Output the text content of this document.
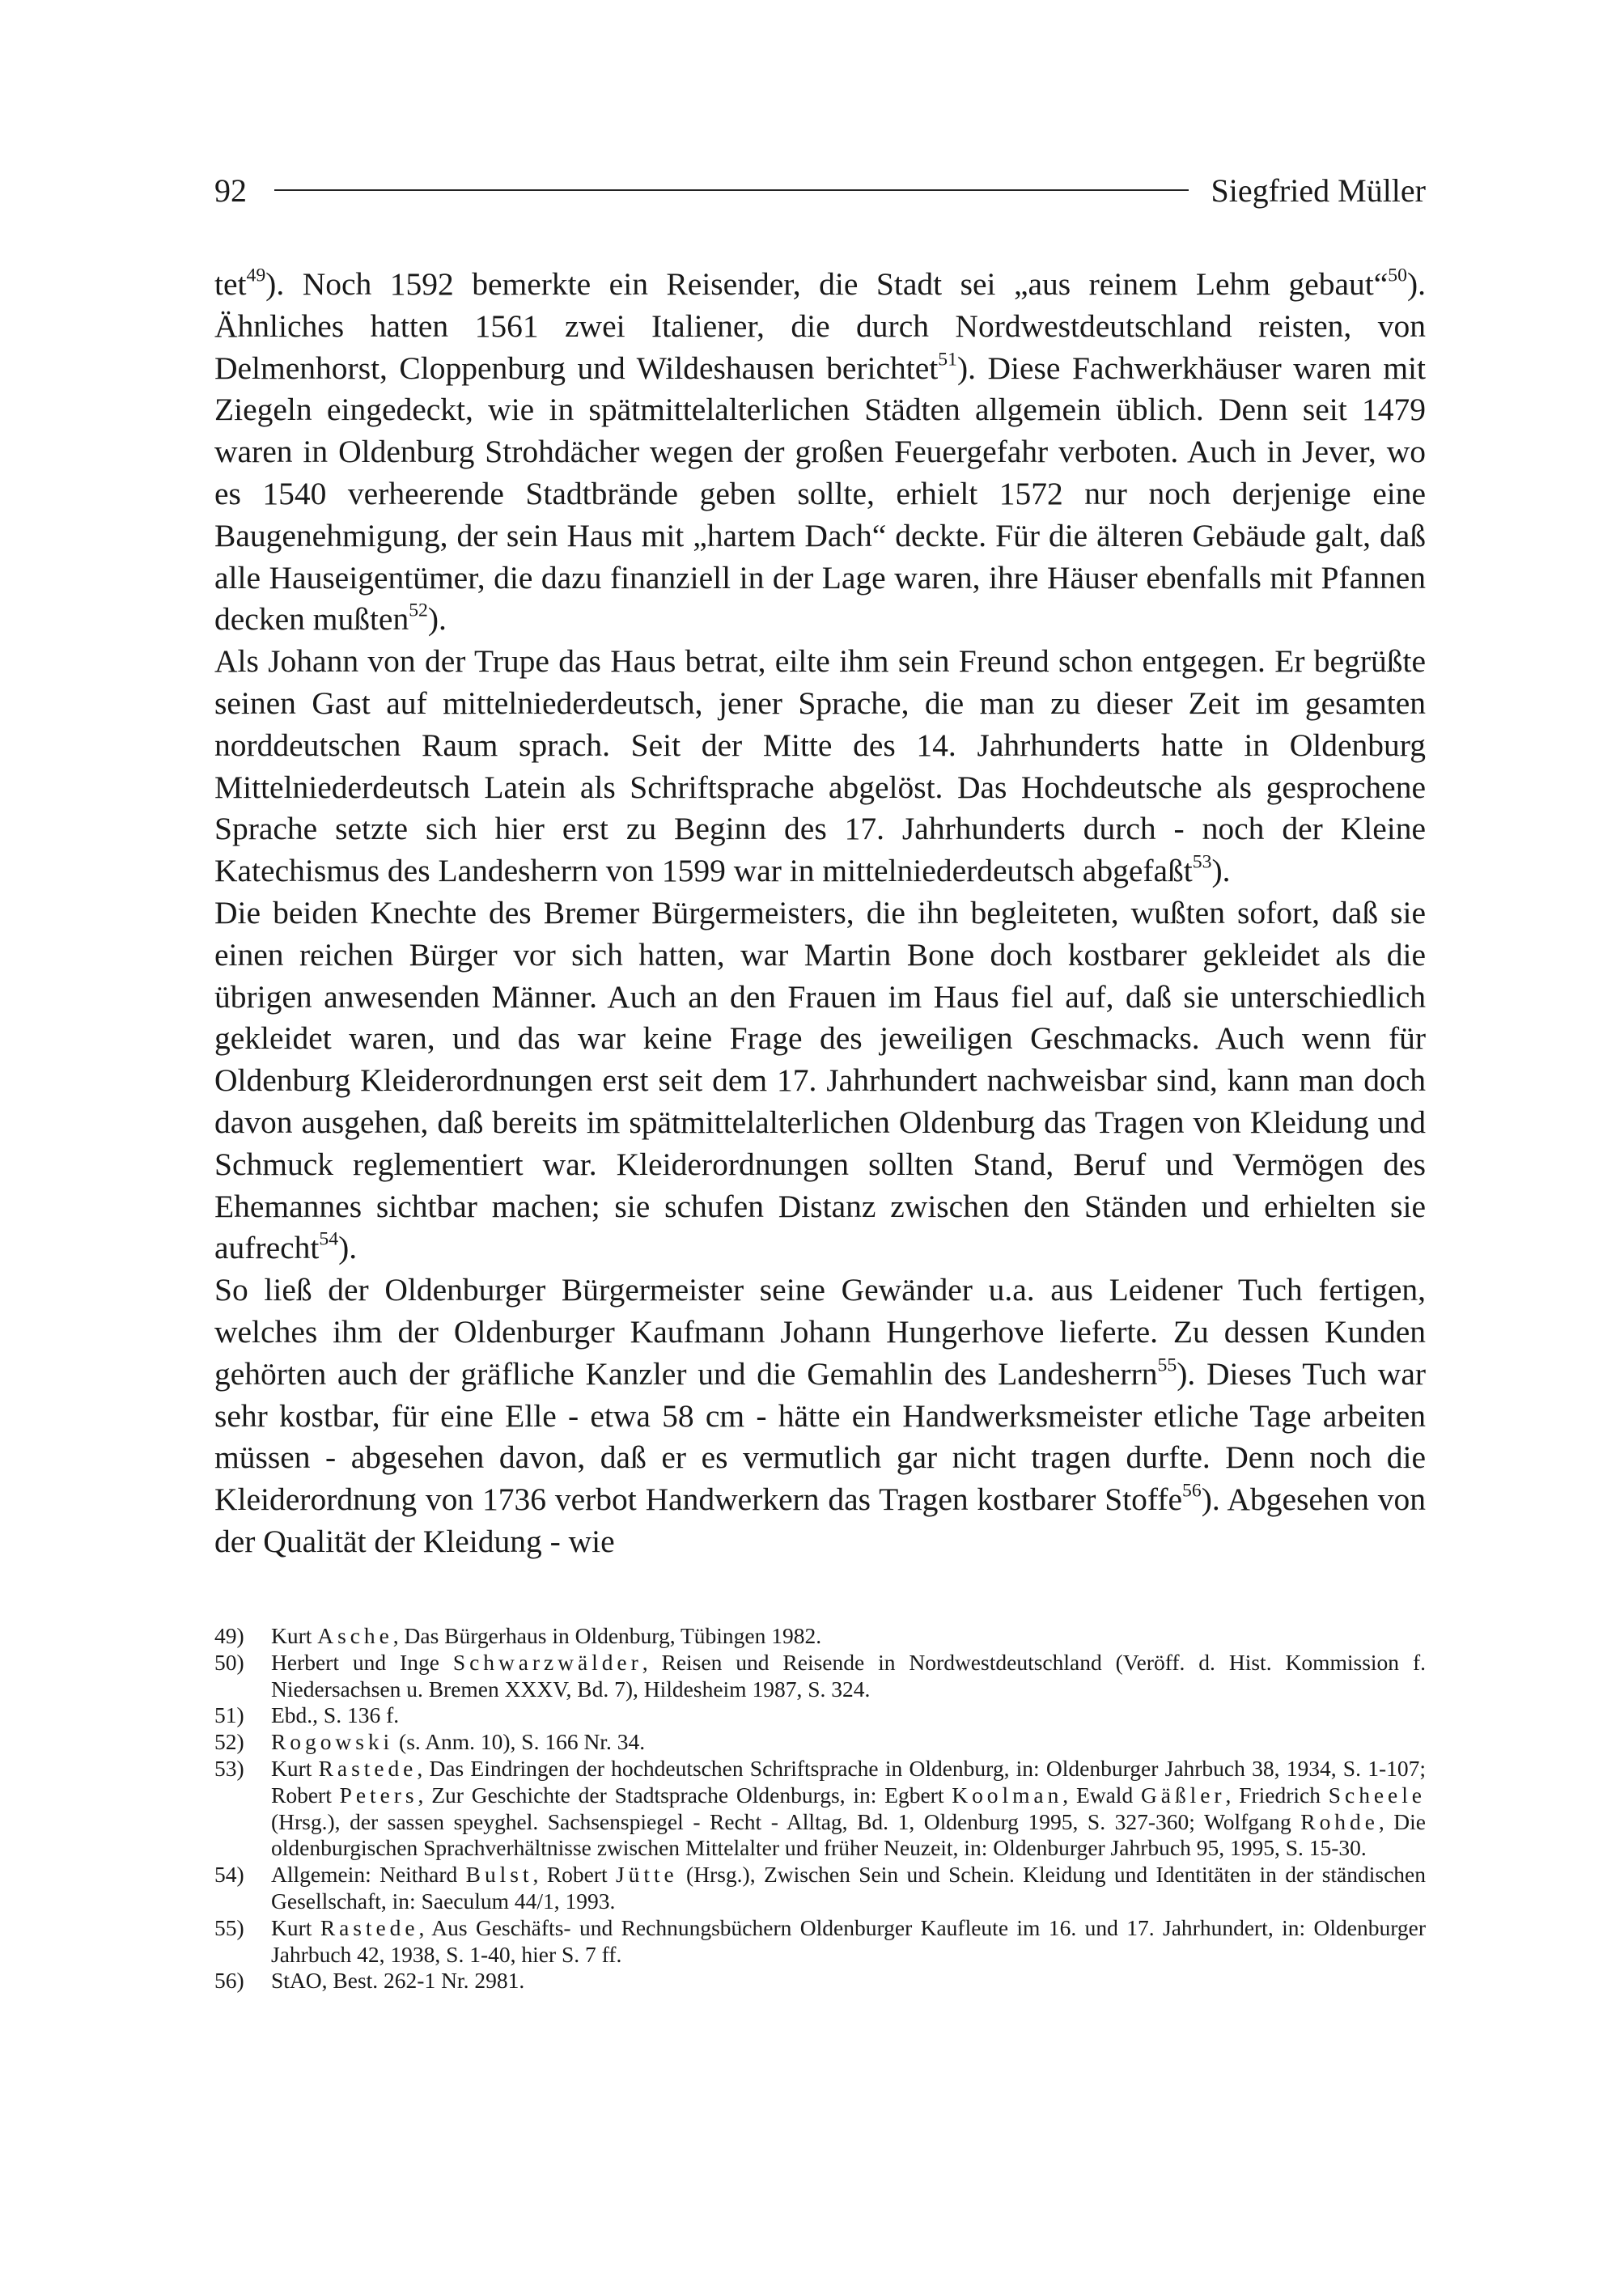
92	Siegfried Müller

tet$^{49}$). Noch 1592 bemerkte ein Reisender, die Stadt sei „aus reinem Lehm gebaut“$^{50}$). Ähnliches hatten 1561 zwei Italiener, die durch Nordwestdeutschland reisten, von Delmenhorst, Cloppenburg und Wildeshausen berichtet$^{51}$). Diese Fachwerkhäuser waren mit Ziegeln eingedeckt, wie in spätmittelalterlichen Städten allgemein üblich. Denn seit 1479 waren in Oldenburg Strohdächer wegen der großen Feuergefahr verboten. Auch in Jever, wo es 1540 verheerende Stadtbrände geben sollte, erhielt 1572 nur noch derjenige eine Baugenehmigung, der sein Haus mit „hartem Dach“ deckte. Für die älteren Gebäude galt, daß alle Hauseigentümer, die dazu finanziell in der Lage waren, ihre Häuser ebenfalls mit Pfannen decken mußten$^{52}$).

Als Johann von der Trupe das Haus betrat, eilte ihm sein Freund schon entgegen. Er begrüßte seinen Gast auf mittelniederdeutsch, jener Sprache, die man zu dieser Zeit im gesamten norddeutschen Raum sprach. Seit der Mitte des 14. Jahrhunderts hatte in Oldenburg Mittelniederdeutsch Latein als Schriftsprache abgelöst. Das Hochdeutsche als gesprochene Sprache setzte sich hier erst zu Beginn des 17. Jahrhunderts durch - noch der Kleine Katechismus des Landesherrn von 1599 war in mittelniederdeutsch abgefaßt$^{53}$).

Die beiden Knechte des Bremer Bürgermeisters, die ihn begleiteten, wußten sofort, daß sie einen reichen Bürger vor sich hatten, war Martin Bone doch kostbarer gekleidet als die übrigen anwesenden Männer. Auch an den Frauen im Haus fiel auf, daß sie unterschiedlich gekleidet waren, und das war keine Frage des jeweiligen Geschmacks. Auch wenn für Oldenburg Kleiderordnungen erst seit dem 17. Jahrhundert nachweisbar sind, kann man doch davon ausgehen, daß bereits im spätmittelalterlichen Oldenburg das Tragen von Kleidung und Schmuck reglementiert war. Kleiderordnungen sollten Stand, Beruf und Vermögen des Ehemannes sichtbar machen; sie schufen Distanz zwischen den Ständen und erhielten sie aufrecht$^{54}$).

So ließ der Oldenburger Bürgermeister seine Gewänder u.a. aus Leidener Tuch fertigen, welches ihm der Oldenburger Kaufmann Johann Hungerhove lieferte. Zu dessen Kunden gehörten auch der gräfliche Kanzler und die Gemahlin des Landesherrn$^{55}$). Dieses Tuch war sehr kostbar, für eine Elle - etwa 58 cm - hätte ein Handwerksmeister etliche Tage arbeiten müssen - abgesehen davon, daß er es vermutlich gar nicht tragen durfte. Denn noch die Kleiderordnung von 1736 verbot Handwerkern das Tragen kostbarer Stoffe$^{56}$). Abgesehen von der Qualität der Kleidung - wie

49)	Kurt Asche, Das Bürgerhaus in Oldenburg, Tübingen 1982.
50)	Herbert und Inge Schwarzwälder, Reisen und Reisende in Nordwestdeutschland (Veröff. d. Hist. Kommission f. Niedersachsen u. Bremen XXXV, Bd. 7), Hildesheim 1987, S. 324.
51)	Ebd., S. 136 f.
52)	Rogowski (s. Anm. 10), S. 166 Nr. 34.
53)	Kurt Rastede, Das Eindringen der hochdeutschen Schriftsprache in Oldenburg, in: Oldenburger Jahrbuch 38, 1934, S. 1-107; Robert Peters, Zur Geschichte der Stadtsprache Oldenburgs, in: Egbert Koolman, Ewald Gäßler, Friedrich Scheele (Hrsg.), der sassen speyghel. Sachsenspiegel - Recht - Alltag, Bd. 1, Oldenburg 1995, S. 327-360; Wolfgang Rohde, Die oldenburgischen Sprachverhältnisse zwischen Mittelalter und früher Neuzeit, in: Oldenburger Jahrbuch 95, 1995, S. 15-30.
54)	Allgemein: Neithard Bulst, Robert Jütte (Hrsg.), Zwischen Sein und Schein. Kleidung und Identitäten in der ständischen Gesellschaft, in: Saeculum 44/1, 1993.
55)	Kurt Rastede, Aus Geschäfts- und Rechnungsbüchern Oldenburger Kaufleute im 16. und 17. Jahrhundert, in: Oldenburger Jahrbuch 42, 1938, S. 1-40, hier S. 7 ff.
56)	StAO, Best. 262-1 Nr. 2981.
